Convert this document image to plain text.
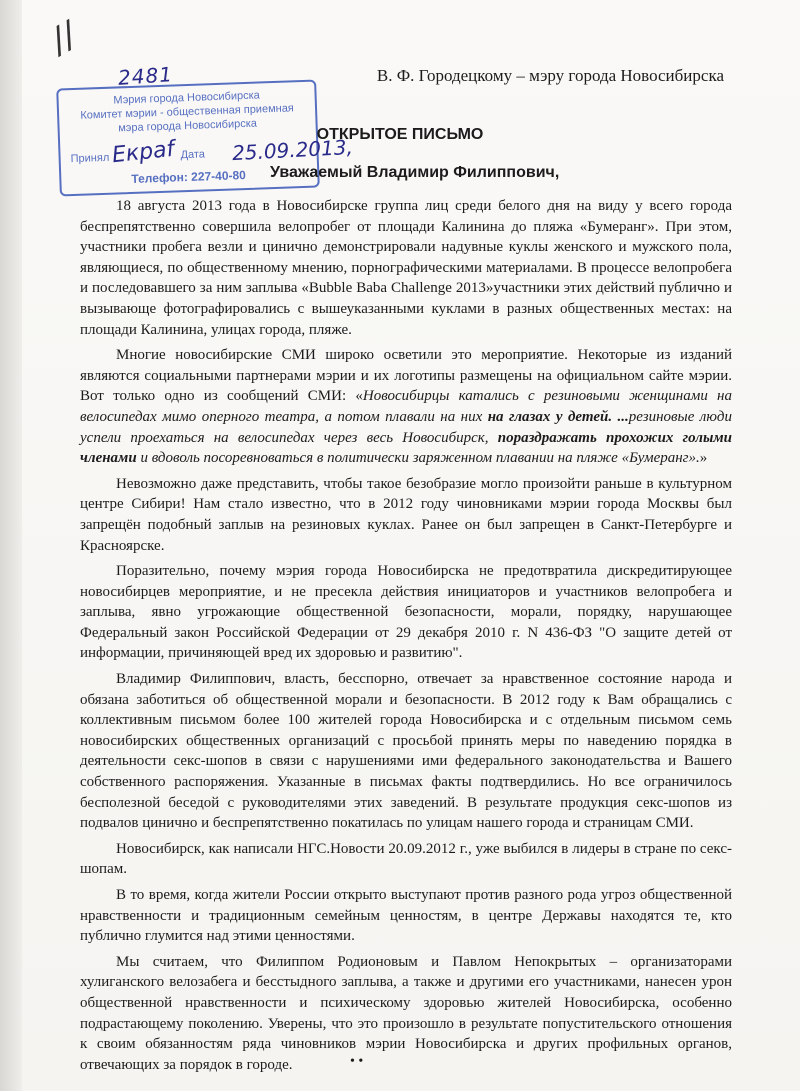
//
2481	В. Ф. Городецкому – мэру города Новосибирска
Мэрия города Новосибирска
Комитет мэрии - общественная приемная
мэра города Новосибирска
Принял	Дата
Телефон: 227-40-80
Екраf	25.09.2013,
ОТКРЫТОЕ ПИСЬМО
Уважаемый Владимир Филиппович,

18 августа 2013 года в Новосибирске группа лиц среди белого дня на виду у всего города беспрепятственно совершила велопробег от площади Калинина до пляжа «Бумеранг». При этом, участники пробега везли и цинично демонстрировали надувные куклы женского и мужского пола, являющиеся, по общественному мнению, порнографическими материалами. В процессе велопробега и последовавшего за ним заплыва «Bubble Baba Challenge 2013»участники этих действий публично и вызывающе фотографировались с вышеуказанными куклами в разных общественных местах: на площади Калинина, улицах города, пляже.

Многие новосибирские СМИ широко осветили это мероприятие. Некоторые из изданий являются социальными партнерами мэрии и их логотипы размещены на официальном сайте мэрии. Вот только одно из сообщений СМИ: «Новосибирцы катались с резиновыми женщинами на велосипедах мимо оперного театра, а потом плавали на них на глазах у детей. ...резиновые люди успели проехаться на велосипедах через весь Новосибирск, пораздражать прохожих голыми членами и вдоволь посоревноваться в политически заряженном плавании на пляже «Бумеранг».»

Невозможно даже представить, чтобы такое безобразие могло произойти раньше в культурном центре Сибири! Нам стало известно, что в 2012 году чиновниками мэрии города Москвы был запрещён подобный заплыв на резиновых куклах. Ранее он был запрещен в Санкт-Петербурге и Красноярске.

Поразительно, почему мэрия города Новосибирска не предотвратила дискредитирующее новосибирцев мероприятие, и не пресекла действия инициаторов и участников велопробега и заплыва, явно угрожающие общественной безопасности, морали, порядку, нарушающее Федеральный закон Российской Федерации от 29 декабря 2010 г. N 436-ФЗ "О защите детей от информации, причиняющей вред их здоровью и развитию".

Владимир Филиппович, власть, бесспорно, отвечает за нравственное состояние народа и обязана заботиться об общественной морали и безопасности. В 2012 году к Вам обращались с коллективным письмом более 100 жителей города Новосибирска и с отдельным письмом семь новосибирских общественных организаций с просьбой принять меры по наведению порядка в деятельности секс-шопов в связи с нарушениями ими федерального законодательства и Вашего собственного распоряжения. Указанные в письмах факты подтвердились. Но все ограничилось бесполезной беседой с руководителями этих заведений. В результате продукция секс-шопов из подвалов цинично и беспрепятственно покатилась по улицам нашего города и страницам СМИ.

Новосибирск, как написали НГС.Новости 20.09.2012 г., уже выбился в лидеры в стране по секс-шопам.

В то время, когда жители России открыто выступают против разного рода угроз общественной нравственности и традиционным семейным ценностям, в центре Державы находятся те, кто публично глумится над этими ценностями.

Мы считаем, что Филиппом Родионовым и Павлом Непокрытых – организаторами хулиганского велозабега и бесстыдного заплыва, а также и другими его участниками, нанесен урон общественной нравственности и психическому здоровью жителей Новосибирска, особенно подрастающему поколению. Уверены, что это произошло в результате попустительского отношения к своим обязанностям ряда чиновников мэрии Новосибирска и других профильных органов, отвечающих за порядок в городе.	• •
